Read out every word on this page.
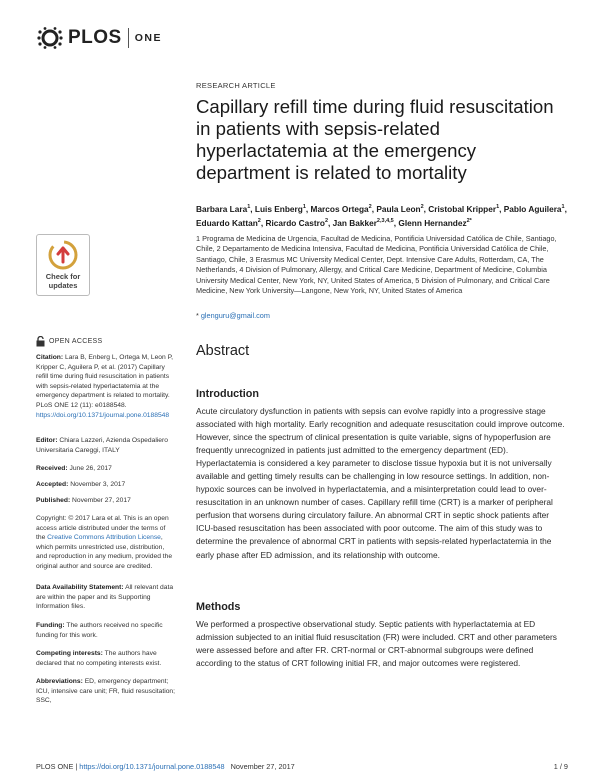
PLOS ONE
RESEARCH ARTICLE
Capillary refill time during fluid resuscitation in patients with sepsis-related hyperlactatemia at the emergency department is related to mortality
Barbara Lara$^1$, Luis Enberg$^1$, Marcos Ortega$^2$, Paula Leon$^2$, Cristobal Kripper$^1$, Pablo Aguilera$^1$, Eduardo Kattan$^2$, Ricardo Castro$^2$, Jan Bakker$^{2,3,4,5}$, Glenn Hernandez$^{2*}$
1 Programa de Medicina de Urgencia, Facultad de Medicina, Pontificia Universidad Católica de Chile, Santiago, Chile, 2 Departamento de Medicina Intensiva, Facultad de Medicina, Pontificia Universidad Católica de Chile, Santiago, Chile, 3 Erasmus MC University Medical Center, Dept. Intensive Care Adults, Rotterdam, CA, The Netherlands, 4 Division of Pulmonary, Allergy, and Critical Care Medicine, Department of Medicine, Columbia University Medical Center, New York, NY, United States of America, 5 Division of Pulmonary, and Critical Care Medicine, New York University—Langone, New York, NY, United States of America
* glenguru@gmail.com
Abstract
Introduction
Acute circulatory dysfunction in patients with sepsis can evolve rapidly into a progressive stage associated with high mortality. Early recognition and adequate resuscitation could improve outcome. However, since the spectrum of clinical presentation is quite variable, signs of hypoperfusion are frequently unrecognized in patients just admitted to the emergency department (ED). Hyperlactatemia is considered a key parameter to disclose tissue hypoxia but it is not universally available and getting timely results can be challenging in low resource settings. In addition, non-hypoxic sources can be involved in hyperlactatemia, and a misinterpretation could lead to over-resuscitation in an unknown number of cases. Capillary refill time (CRT) is a marker of peripheral perfusion that worsens during circulatory failure. An abnormal CRT in septic shock patients after ICU-based resuscitation has been associated with poor outcome. The aim of this study was to determine the prevalence of abnormal CRT in patients with sepsis-related hyperlactatemia in the early phase after ED admission, and its relationship with outcome.
Methods
We performed a prospective observational study. Septic patients with hyperlactatemia at ED admission subjected to an initial fluid resuscitation (FR) were included. CRT and other parameters were assessed before and after FR. CRT-normal or CRT-abnormal subgroups were defined according to the status of CRT following initial FR, and major outcomes were registered.
Check for updates
OPEN ACCESS
Citation: Lara B, Enberg L, Ortega M, Leon P, Kripper C, Aguilera P, et al. (2017) Capillary refill time during fluid resuscitation in patients with sepsis-related hyperlactatemia at the emergency department is related to mortality. PLoS ONE 12 (11): e0188548. https://doi.org/10.1371/journal.pone.0188548
Editor: Chiara Lazzeri, Azienda Ospedaliero Universitaria Careggi, ITALY
Received: June 26, 2017
Accepted: November 3, 2017
Published: November 27, 2017
Copyright: © 2017 Lara et al. This is an open access article distributed under the terms of the Creative Commons Attribution License, which permits unrestricted use, distribution, and reproduction in any medium, provided the original author and source are credited.
Data Availability Statement: All relevant data are within the paper and its Supporting Information files.
Funding: The authors received no specific funding for this work.
Competing interests: The authors have declared that no competing interests exist.
Abbreviations: ED, emergency department; ICU, intensive care unit; FR, fluid resuscitation; SSC,
PLOS ONE | https://doi.org/10.1371/journal.pone.0188548 November 27, 2017	1 / 9
